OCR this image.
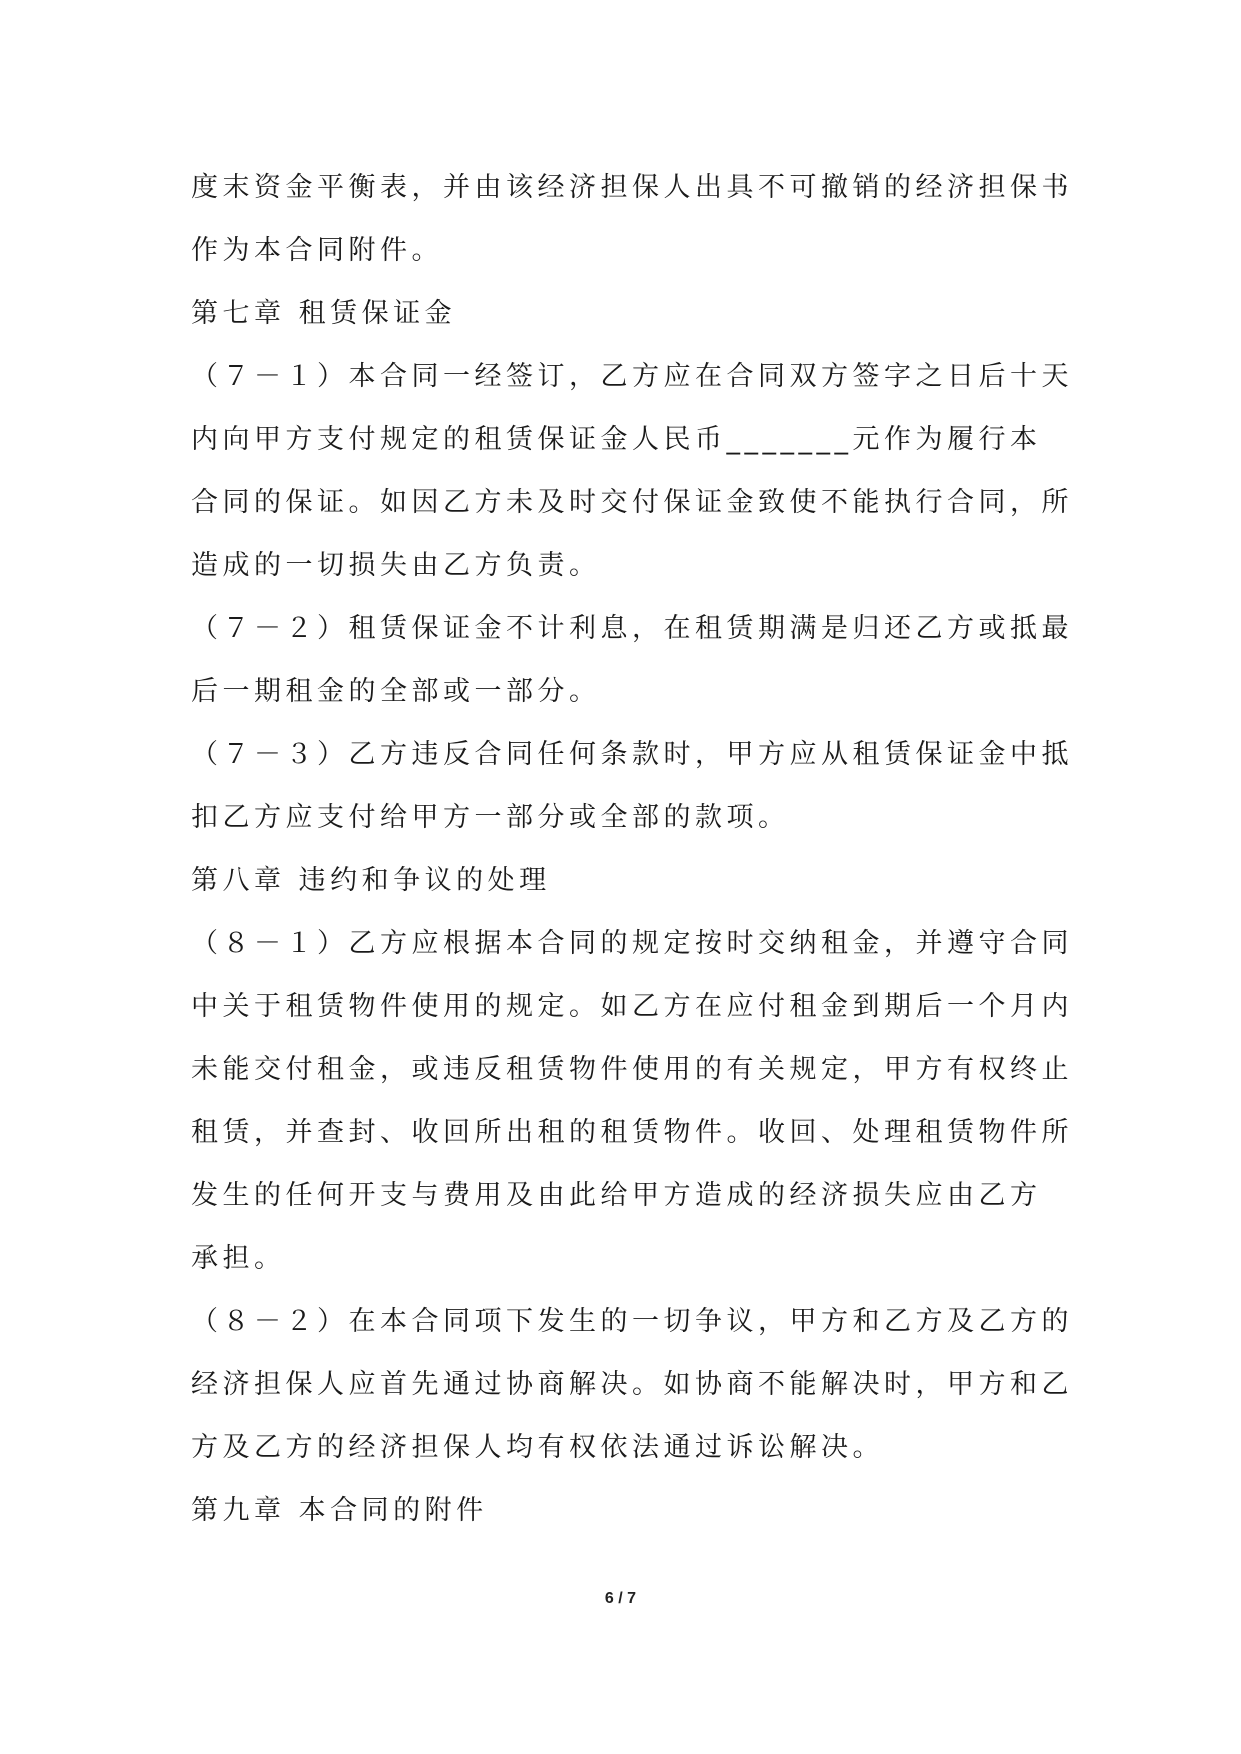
度末资金平衡表，并由该经济担保人出具不可撤销的经济担保书
作为本合同附件。
第七章 租赁保证金
（７－１）本合同一经签订，乙方应在合同双方签字之日后十天
内向甲方支付规定的租赁保证金人民币_______元作为履行本
合同的保证。如因乙方未及时交付保证金致使不能执行合同，所
造成的一切损失由乙方负责。
（７－２）租赁保证金不计利息，在租赁期满是归还乙方或抵最
后一期租金的全部或一部分。
（７－３）乙方违反合同任何条款时，甲方应从租赁保证金中抵
扣乙方应支付给甲方一部分或全部的款项。
第八章 违约和争议的处理
（８－１）乙方应根据本合同的规定按时交纳租金，并遵守合同
中关于租赁物件使用的规定。如乙方在应付租金到期后一个月内
未能交付租金，或违反租赁物件使用的有关规定，甲方有权终止
租赁，并查封、收回所出租的租赁物件。收回、处理租赁物件所
发生的任何开支与费用及由此给甲方造成的经济损失应由乙方
承担。
（８－２）在本合同项下发生的一切争议，甲方和乙方及乙方的
经济担保人应首先通过协商解决。如协商不能解决时，甲方和乙
方及乙方的经济担保人均有权依法通过诉讼解决。
第九章 本合同的附件
6 / 7
